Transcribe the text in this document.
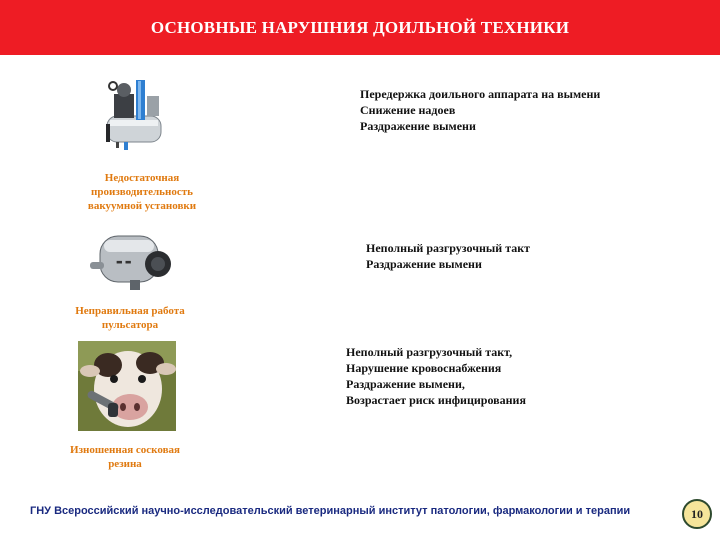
ОСНОВНЫЕ НАРУШНИЯ ДОИЛЬНОЙ ТЕХНИКИ
Недостаточная
производительность
вакуумной установки
Передержка доильного аппарата на вымени
Снижение надоев
Раздражение вымени
▬ ▬
Неправильная работа
пульсатора
Неполный разгрузочный такт
Раздражение вымени
Изношенная сосковая
резина
Неполный разгрузочный такт,
Нарушение кровоснабжения
Раздражение вымени,
Возрастает риск инфицирования
ГНУ Всероссийский научно-исследовательский ветеринарный институт патологии, фармакологии и терапии	10
